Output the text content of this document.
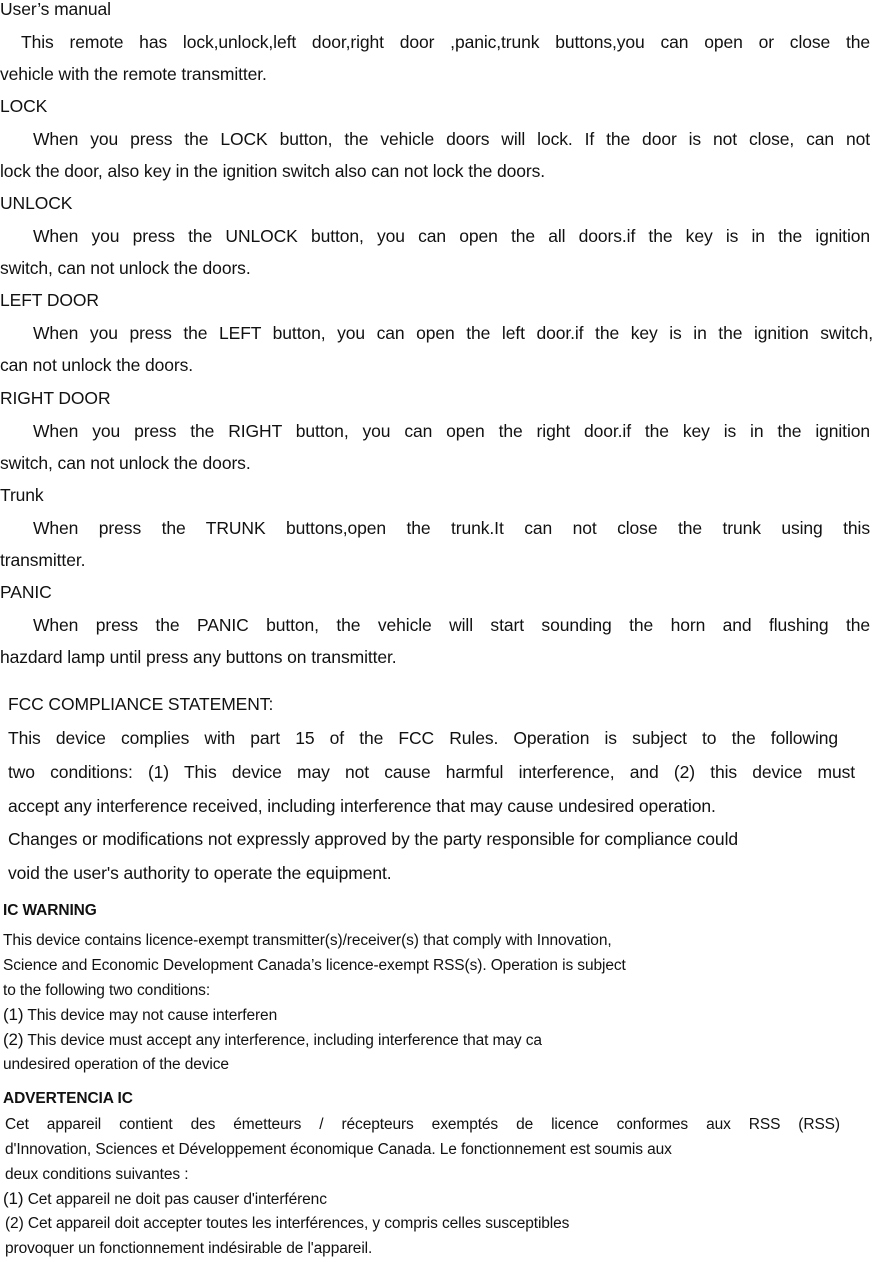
User’s manual
This remote has lock,unlock,left door,right door ,panic,trunk buttons,you can open or close the
vehicle with the remote transmitter.
LOCK
When you press the LOCK button, the vehicle doors will lock. If the door is not close, can not
lock the door, also key in the ignition switch also can not lock the doors.
UNLOCK
When you press the UNLOCK button, you can open the all doors.if the key is in the ignition
switch, can not unlock the doors.
LEFT DOOR
When you press the LEFT button, you can open the left door.if the key is in the ignition switch,
can not unlock the doors.
RIGHT DOOR
When you press the RIGHT button, you can open the right door.if the key is in the ignition
switch, can not unlock the doors.
Trunk
When press the TRUNK buttons,open the trunk.It can not close the trunk using this
transmitter.
PANIC
When press the PANIC button, the vehicle will start sounding the horn and flushing the
hazdard lamp until press any buttons on transmitter.
FCC COMPLIANCE STATEMENT:
This device complies with part 15 of the FCC Rules. Operation is subject to the following
two conditions: (1) This device may not cause harmful interference, and (2) this device must
accept any interference received, including interference that may cause undesired operation.
Changes or modifications not expressly approved by the party responsible for compliance could
void the user's authority to operate the equipment.
IC WARNING
This device contains licence-exempt transmitter(s)/receiver(s) that comply with Innovation,
Science and Economic Development Canada’s licence-exempt RSS(s). Operation is subject
to the following two conditions:
(1) This device may not cause interferen
(2) This device must accept any interference, including interference that may ca
undesired operation of the device
ADVERTENCIA IC
Cet appareil contient des émetteurs / récepteurs exemptés de licence conformes aux RSS (RSS)
d'Innovation, Sciences et Développement économique Canada. Le fonctionnement est soumis aux
deux conditions suivantes :
(1) Cet appareil ne doit pas causer d'interférenc
(2) Cet appareil doit accepter toutes les interférences, y compris celles susceptibles
provoquer un fonctionnement indésirable de l'appareil.
